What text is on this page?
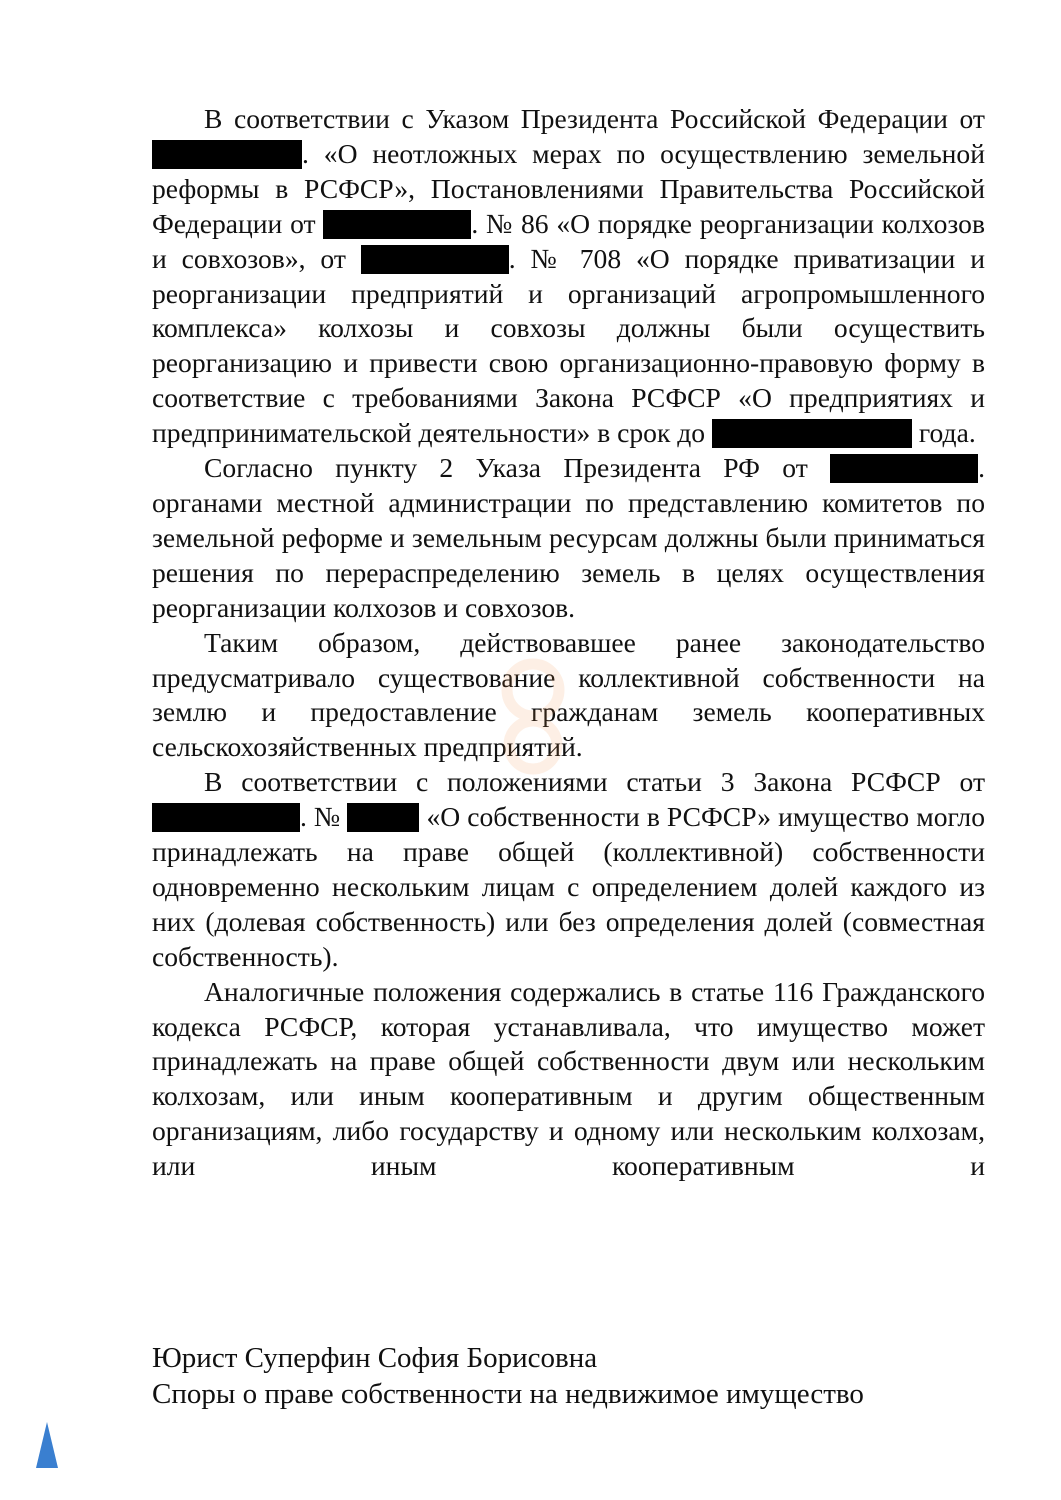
В соответствии с Указом Президента Российской Федерации от . «О неотложных мерах по осуществлению земельной реформы в РСФСР», Постановлениями Правительства Российской Федерации от	. № 86 «О порядке реорганизации колхозов и совхозов», от	. № 708 «О порядке приватизации и реорганизации предприятий и организаций агропромышленного комплекса» колхозы и совхозы должны были осуществить реорганизацию и привести свою организационно-правовую форму в соответствие с требованиями Закона РСФСР «О предприятиях и предпринимательской деятельности» в срок до	года.

Согласно пункту 2 Указа Президента РФ от	. органами местной администрации по представлению комитетов по земельной реформе и земельным ресурсам должны были приниматься решения по перераспределению земель в целях осуществления реорганизации колхозов и совхозов.

Таким образом, действовавшее ранее законодательство предусматривало существование коллективной собственности на землю и предоставление гражданам земель кооперативных сельскохозяйственных предприятий.

В соответствии с положениями статьи 3 Закона РСФСР от . №	«О собственности в РСФСР» имущество могло принадлежать на праве общей (коллективной) собственности одновременно нескольким лицам с определением долей каждого из них (долевая собственность) или без определения долей (совместная собственность).

Аналогичные положения содержались в статье 116 Гражданского кодекса РСФСР, которая устанавливала, что имущество может принадлежать на праве общей собственности двум или нескольким колхозам, или иным кооперативным и другим общественным организациям, либо государству и одному или нескольким колхозам, или иным кооперативным и

Юрист Суперфин София Борисовна
Споры о праве собственности на недвижимое имущество
